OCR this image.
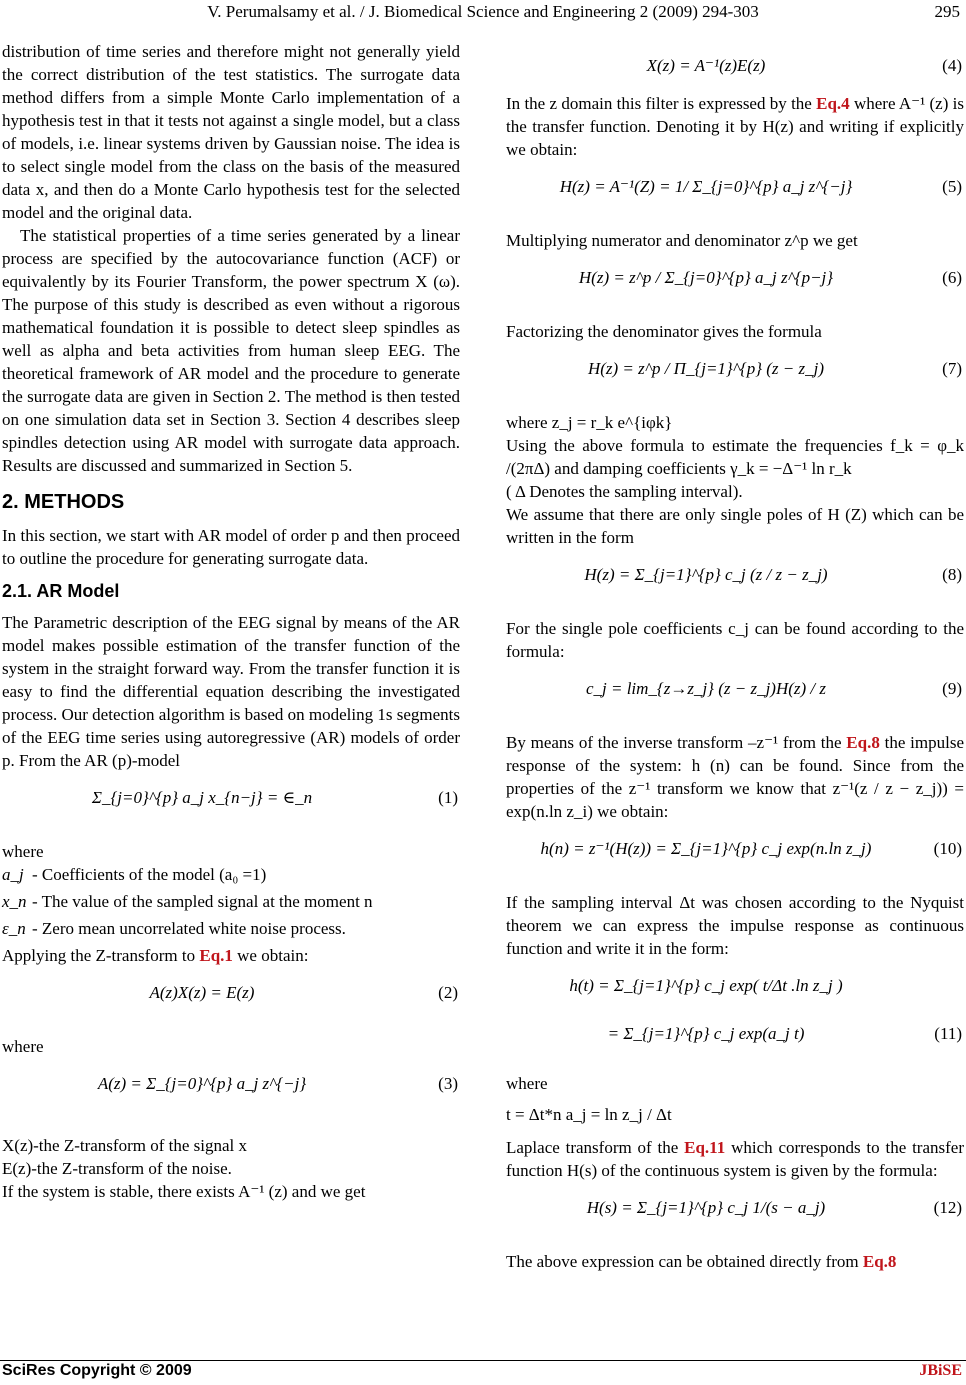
V. Perumalsamy et al. / J. Biomedical Science and Engineering 2 (2009) 294-303	295

distribution of time series and therefore might not generally yield the correct distribution of the test statistics. The surrogate data method differs from a simple Monte Carlo implementation of a hypothesis test in that it tests not against a single model, but a class of models, i.e. linear systems driven by Gaussian noise. The idea is to select single model from the class on the basis of the measured data x, and then do a Monte Carlo hypothesis test for the selected model and the original data.

The statistical properties of a time series generated by a linear process are specified by the autocovariance function (ACF) or equivalently by its Fourier Transform, the power spectrum X (ω). The purpose of this study is described as even without a rigorous mathematical foundation it is possible to detect sleep spindles as well as alpha and beta activities from human sleep EEG. The theoretical framework of AR model and the procedure to generate the surrogate data are given in Section 2. The method is then tested on one simulation data set in Section 3. Section 4 describes sleep spindles detection using AR model with surrogate data approach. Results are discussed and summarized in Section 5.

2. METHODS

In this section, we start with AR model of order p and then proceed to outline the procedure for generating surrogate data.

2.1. AR Model

The Parametric description of the EEG signal by means of the AR model makes possible estimation of the transfer function of the system in the straight forward way. From the transfer function it is easy to find the differential equation describing the investigated process. Our detection algorithm is based on modeling 1s segments of the EEG time series using autoregressive (AR) models of order p. From the AR (p)-model

Σ_{j=0}^{p} a_j x_{n−j} = ∈_n	(1)

where

a_j - Coefficients of the model (a₀ =1)
x_n - The value of the sampled signal at the moment n
ε_n - Zero mean uncorrelated white noise process.

Applying the Z-transform to Eq.1 we obtain:

A(z)X(z) = E(z)	(2)

where

A(z) = Σ_{j=0}^{p} a_j z^{−j}	(3)

X(z)-the Z-transform of the signal x

E(z)-the Z-transform of the noise.

If the system is stable, there exists A⁻¹ (z) and we get

X(z) = A⁻¹(z)E(z)	(4)

In the z domain this filter is expressed by the Eq.4 where A⁻¹ (z) is the transfer function. Denoting it by H(z) and writing if explicitly we obtain:

H(z) = A⁻¹(Z) = 1/ Σ_{j=0}^{p} a_j z^{−j}	(5)

Multiplying numerator and denominator z^p we get

H(z) = z^p / Σ_{j=0}^{p} a_j z^{p−j}	(6)

Factorizing the denominator gives the formula

H(z) = z^p / Π_{j=1}^{p} (z − z_j)	(7)

where z_j = r_k e^{iφk}

Using the above formula to estimate the frequencies f_k = φ_k /(2πΔ) and damping coefficients γ_k = −Δ⁻¹ ln r_k

( Δ Denotes the sampling interval).

We assume that there are only single poles of H (Z) which can be written in the form

H(z) = Σ_{j=1}^{p} c_j (z / z − z_j)	(8)

For the single pole coefficients c_j can be found according to the formula:

c_j = lim_{z→z_j} (z − z_j)H(z) / z	(9)

By means of the inverse transform –z⁻¹ from the Eq.8 the impulse response of the system: h (n) can be found. Since from the properties of the z⁻¹ transform we know that z⁻¹(z / z − z_j)) = exp(n.ln z_i) we obtain:

h(n) = z⁻¹(H(z)) = Σ_{j=1}^{p} c_j exp(n.ln z_j)	(10)

If the sampling interval Δt was chosen according to the Nyquist theorem we can express the impulse response as continuous function and write it in the form:

h(t) = Σ_{j=1}^{p} c_j exp( t/Δt .ln z_j )
= Σ_{j=1}^{p} c_j exp(a_j t)	(11)

where

t = Δt*n a_j = ln z_j / Δt

Laplace transform of the Eq.11 which corresponds to the transfer function H(s) of the continuous system is given by the formula:

H(s) = Σ_{j=1}^{p} c_j 1/(s − a_j)	(12)

The above expression can be obtained directly from Eq.8

SciRes Copyright © 2009	JBiSE
